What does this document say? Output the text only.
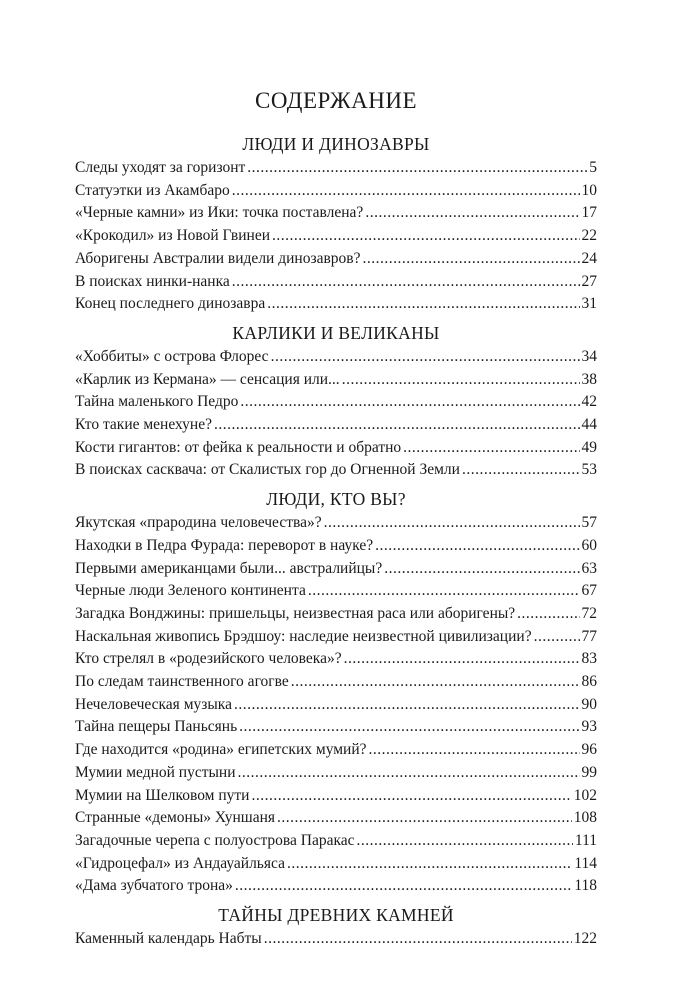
СОДЕРЖАНИЕ
ЛЮДИ И ДИНОЗАВРЫ
Следы уходят за горизонт .....	5
Статуэтки из Акамбаро .....	10
«Черные камни» из Ики: точка поставлена? .....	17
«Крокодил» из Новой Гвинеи .....	22
Аборигены Австралии видели динозавров? .....	24
В поисках нинки-нанка .....	27
Конец последнего динозавра .....	31
КАРЛИКИ И ВЕЛИКАНЫ
«Хоббиты» с острова Флорес .....	34
«Карлик из Кермана» — сенсация или... .....	38
Тайна маленького Педро .....	42
Кто такие менехуне? .....	44
Кости гигантов: от фейка к реальности и обратно .....	49
В поисках сасквача: от Скалистых гор до Огненной Земли .....	53
ЛЮДИ, КТО ВЫ?
Якутская «прародина человечества»? .....	57
Находки в Педра Фурада: переворот в науке? .....	60
Первыми американцами были... австралийцы? .....	63
Черные люди Зеленого континента .....	67
Загадка Вонджины: пришельцы, неизвестная раса или аборигены? .....	72
Наскальная живопись Брэдшоу: наследие неизвестной цивилизации? .....	77
Кто стрелял в «родезийского человека»? .....	83
По следам таинственного агогве .....	86
Нечеловеческая музыка .....	90
Тайна пещеры Паньсянь .....	93
Где находится «родина» египетских мумий? .....	96
Мумии медной пустыни .....	99
Мумии на Шелковом пути .....	102
Странные «демоны» Хуншаня .....	108
Загадочные черепа с полуострова Паракас .....	111
«Гидроцефал» из Андауайльяса .....	114
«Дама зубчатого трона» .....	118
ТАЙНЫ ДРЕВНИХ КАМНЕЙ
Каменный календарь Набты .....	122
